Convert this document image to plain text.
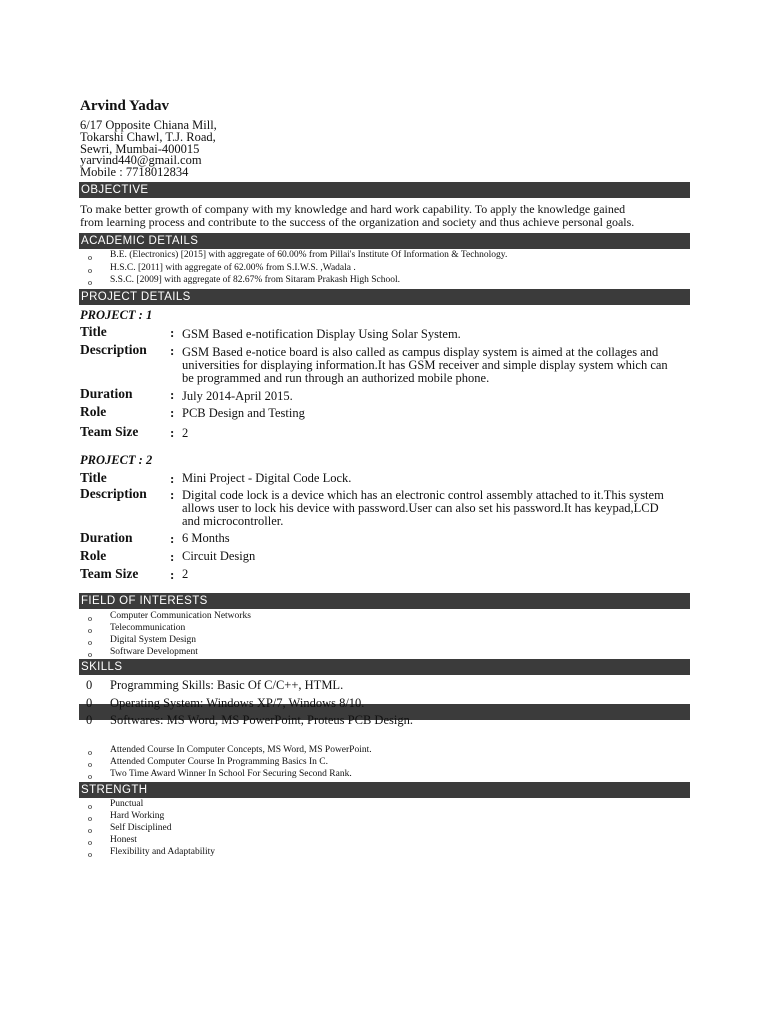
Arvind Yadav
6/17 Opposite Chiana Mill,
Tokarshi Chawl, T.J. Road,
Sewri, Mumbai-400015
yarvind440@gmail.com
Mobile : 7718012834
OBJECTIVE
To make better growth of company with my knowledge and hard work capability. To apply the knowledge gained
from learning process and contribute to the success of the organization and society and thus achieve personal goals.
ACADEMIC DETAILS
o B.E. (Electronics) [2015] with aggregate of 60.00% from Pillai's Institute Of Information & Technology.
o H.S.C. [2011] with aggregate of 62.00% from S.I.W.S. ,Wadala .
o S.S.C. [2009] with aggregate of 82.67% from Sitaram Prakash High School.
PROJECT DETAILS
PROJECT : 1
Title	: GSM Based e-notification Display Using Solar System.
Description : GSM Based e-notice board is also called as campus display system is aimed at the collages and
universities for displaying information.It has GSM receiver and simple display system which can
be programmed and run through an authorized mobile phone.
Duration	: July 2014-April 2015.
Role	: PCB Design and Testing
Team Size : 2
PROJECT : 2
Title	: Mini Project - Digital Code Lock.
Description : Digital code lock is a device which has an electronic control assembly attached to it.This system
allows user to lock his device with password.User can also set his password.It has keypad,LCD
and microcontroller.
Duration	: 6 Months
Role	: Circuit Design
Team Size : 2
FIELD OF INTERESTS
o Computer Communication Networks
o Telecommunication
o Digital System Design
o Software Development
SKILLS
0 Programming Skills: Basic Of C/C++, HTML.
0 Operating System: Windows XP/7, Windows 8/10.
0 Softwares: MS Word, MS PowerPoint, Proteus PCB Design.
o Attended Course In Computer Concepts, MS Word, MS PowerPoint.
o Attended Computer Course In Programming Basics In C.
o Two Time Award Winner In School For Securing Second Rank.
STRENGTH
o Punctual
o Hard Working
o Self Disciplined
o Honest
o Flexibility and Adaptability
